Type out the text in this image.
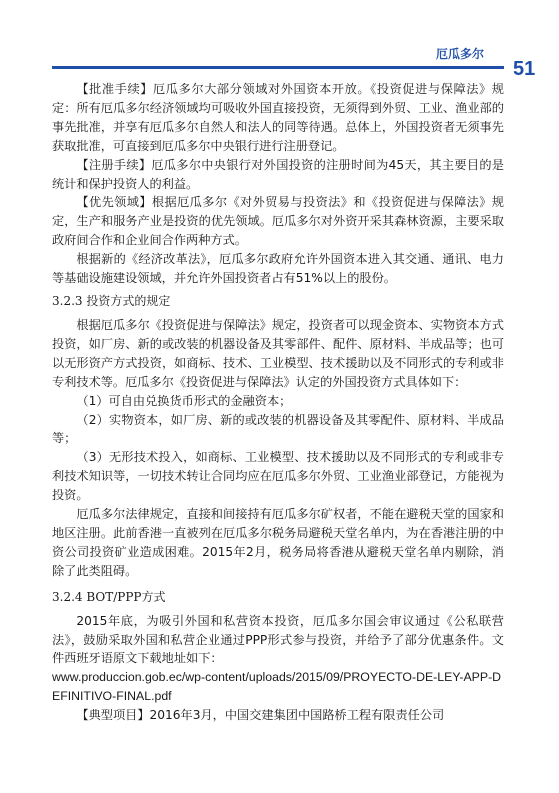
厄瓜多尔
51

【批准手续】厄瓜多尔大部分领域对外国资本开放。《投资促进与保障法》规定：所有厄瓜多尔经济领域均可吸收外国直接投资，无须得到外贸、工业、渔业部的事先批准，并享有厄瓜多尔自然人和法人的同等待遇。总体上，外国投资者无须事先获取批准，可直接到厄瓜多尔中央银行进行注册登记。

【注册手续】厄瓜多尔中央银行对外国投资的注册时间为45天，其主要目的是统计和保护投资人的利益。

【优先领域】根据厄瓜多尔《对外贸易与投资法》和《投资促进与保障法》规定，生产和服务产业是投资的优先领域。厄瓜多尔对外资开采其森林资源，主要采取政府间合作和企业间合作两种方式。

根据新的《经济改革法》，厄瓜多尔政府允许外国资本进入其交通、通讯、电力等基础设施建设领域，并允许外国投资者占有51%以上的股份。

3.2.3 投资方式的规定

根据厄瓜多尔《投资促进与保障法》规定，投资者可以现金资本、实物资本方式投资，如厂房、新的或改装的机器设备及其零部件、配件、原材料、半成品等；也可以无形资产方式投资，如商标、技术、工业模型、技术援助以及不同形式的专利或非专利技术等。厄瓜多尔《投资促进与保障法》认定的外国投资方式具体如下：

（1）可自由兑换货币形式的金融资本；

（2）实物资本，如厂房、新的或改装的机器设备及其零配件、原材料、半成品等；

（3）无形技术投入，如商标、工业模型、技术援助以及不同形式的专利或非专利技术知识等，一切技术转让合同均应在厄瓜多尔外贸、工业渔业部登记，方能视为投资。

厄瓜多尔法律规定，直接和间接持有厄瓜多尔矿权者，不能在避税天堂的国家和地区注册。此前香港一直被列在厄瓜多尔税务局避税天堂名单内，为在香港注册的中资公司投资矿业造成困难。2015年2月，税务局将香港从避税天堂名单内剔除，消除了此类阻碍。

3.2.4 BOT/PPP方式

2015年底，为吸引外国和私营资本投资，厄瓜多尔国会审议通过《公私联营法》，鼓励采取外国和私营企业通过PPP形式参与投资，并给予了部分优惠条件。文件西班牙语原文下载地址如下：

www.produccion.gob.ec/wp-content/uploads/2015/09/PROYECTO-DE-LEY-APP-DEFINITIVO-FINAL.pdf

【典型项目】2016年3月，中国交建集团中国路桥工程有限责任公司
